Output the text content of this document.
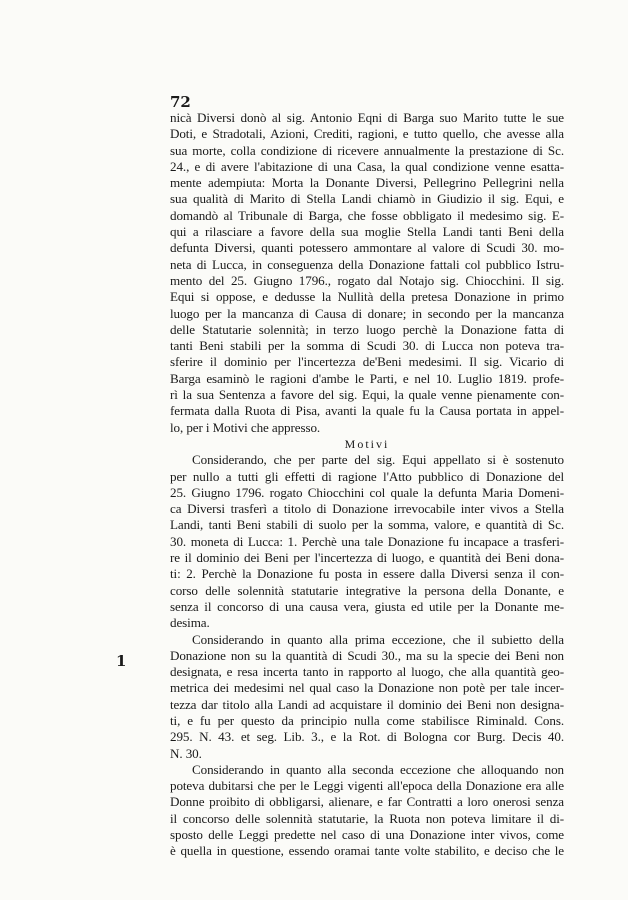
72
1
nicà Diversi donò al sig. Antonio Eqni di Barga suo Marito tutte le sue
Doti, e Stradotali, Azioni, Crediti, ragioni, e tutto quello, che avesse alla
sua morte, colla condizione di ricevere annualmente la prestazione di Sc.
24., e di avere l'abitazione di una Casa, la qual condizione venne esatta-
mente adempiuta: Morta la Donante Diversi, Pellegrino Pellegrini nella
sua qualità di Marito di Stella Landi chiamò in Giudizio il sig. Equi, e
domandò al Tribunale di Barga, che fosse obbligato il medesimo sig. E-
qui a rilasciare a favore della sua moglie Stella Landi tanti Beni della
defunta Diversi, quanti potessero ammontare al valore di Scudi 30. mo-
neta di Lucca, in conseguenza della Donazione fattali col pubblico Istru-
mento del 25. Giugno 1796., rogato dal Notajo sig. Chiocchini. Il sig.
Equi si oppose, e dedusse la Nullità della pretesa Donazione in primo
luogo per la mancanza di Causa di donare; in secondo per la mancanza
delle Statutarie solennità; in terzo luogo perchè la Donazione fatta di
tanti Beni stabili per la somma di Scudi 30. di Lucca non poteva tra-
sferire il dominio per l'incertezza de'Beni medesimi. Il sig. Vicario di
Barga esaminò le ragioni d'ambe le Parti, e nel 10. Luglio 1819. profe-
rì la sua Sentenza a favore del sig. Equi, la quale venne pienamente con-
fermata dalla Ruota di Pisa, avanti la quale fu la Causa portata in appel-
lo, per i Motivi che appresso.
Motivi
Considerando, che per parte del sig. Equi appellato si è sostenuto
per nullo a tutti gli effetti di ragione l'Atto pubblico di Donazione del
25. Giugno 1796. rogato Chiocchini col quale la defunta Maria Domeni-
ca Diversi trasferì a titolo di Donazione irrevocabile inter vivos a Stella
Landi, tanti Beni stabili di suolo per la somma, valore, e quantità di Sc.
30. moneta di Lucca: 1. Perchè una tale Donazione fu incapace a trasferi-
re il dominio dei Beni per l'incertezza di luogo, e quantità dei Beni dona-
ti: 2. Perchè la Donazione fu posta in essere dalla Diversi senza il con-
corso delle solennità statutarie integrative la persona della Donante, e
senza il concorso di una causa vera, giusta ed utile per la Donante me-
desima.
Considerando in quanto alla prima eccezione, che il subietto della
Donazione non su la quantità di Scudi 30., ma su la specie dei Beni non
designata, e resa incerta tanto in rapporto al luogo, che alla quantità geo-
metrica dei medesimi nel qual caso la Donazione non potè per tale incer-
tezza dar titolo alla Landi ad acquistare il dominio dei Beni non designa-
ti, e fu per questo da principio nulla come stabilisce Riminald. Cons.
295. N. 43. et seg. Lib. 3., e la Rot. di Bologna cor Burg. Decis 40.
N. 30.
Considerando in quanto alla seconda eccezione che alloquando non
poteva dubitarsi che per le Leggi vigenti all'epoca della Donazione era alle
Donne proibito di obbligarsi, alienare, e far Contratti a loro onerosi senza
il concorso delle solennità statutarie, la Ruota non poteva limitare il di-
sposto delle Leggi predette nel caso di una Donazione inter vivos, come
è quella in questione, essendo oramai tante volte stabilito, e deciso che le
